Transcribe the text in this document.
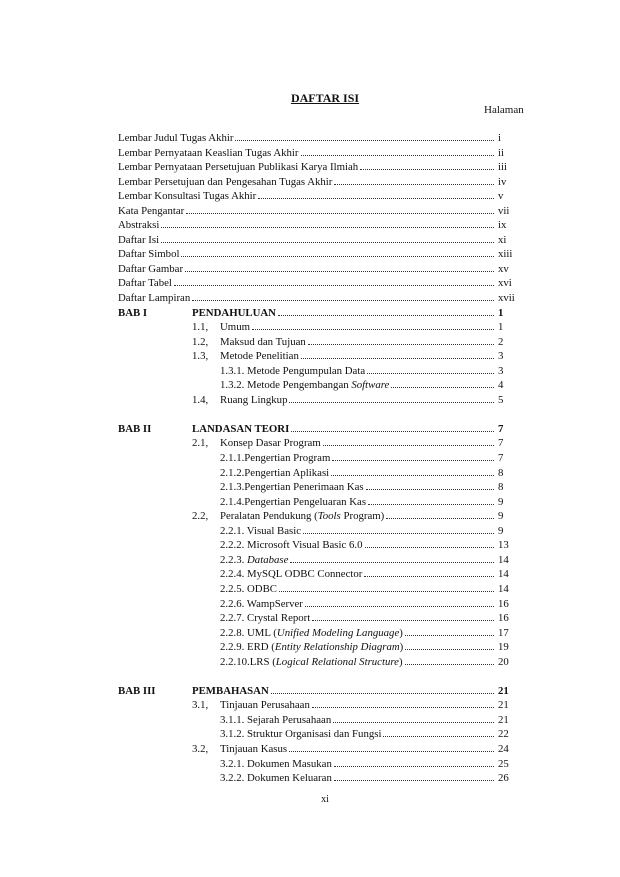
DAFTAR ISI
Halaman
Lembar Judul Tugas Akhir	i
Lembar Pernyataan Keaslian Tugas Akhir	ii
Lembar Pernyataan Persetujuan Publikasi Karya Ilmiah	iii
Lembar Persetujuan dan Pengesahan Tugas Akhir	iv
Lembar Konsultasi Tugas Akhir	v
Kata Pengantar	vii
Abstraksi	ix
Daftar Isi	xi
Daftar Simbol	xiii
Daftar Gambar	xv
Daftar Tabel	xvi
Daftar Lampiran	xvii
BAB I	PENDAHULUAN	1
1.1,	Umum	1
1.2,	Maksud dan Tujuan	2
1.3,	Metode Penelitian	3
1.3.1. Metode Pengumpulan Data	3
1.3.2. Metode Pengembangan Software	4
1.4,	Ruang Lingkup	5
BAB II	LANDASAN TEORI	7
2.1,	Konsep Dasar Program	7
2.1.1.Pengertian Program	7
2.1.2.Pengertian Aplikasi	8
2.1.3.Pengertian Penerimaan Kas	8
2.1.4.Pengertian Pengeluaran Kas	9
2.2,	Peralatan Pendukung (Tools Program)	9
2.2.1. Visual Basic	9
2.2.2. Microsoft Visual Basic 6.0	13
2.2.3. Database	14
2.2.4. MySQL ODBC Connector	14
2.2.5. ODBC	14
2.2.6. WampServer	16
2.2.7. Crystal Report	16
2.2.8. UML (Unified Modeling Language)	17
2.2.9. ERD (Entity Relationship Diagram)	19
2.2.10.LRS (Logical Relational Structure)	20
BAB III	PEMBAHASAN	21
3.1,	Tinjauan Perusahaan	21
3.1.1. Sejarah Perusahaan	21
3.1.2. Struktur Organisasi dan Fungsi	22
3.2,	Tinjauan Kasus	24
3.2.1. Dokumen Masukan	25
3.2.2. Dokumen Keluaran	26
xi
